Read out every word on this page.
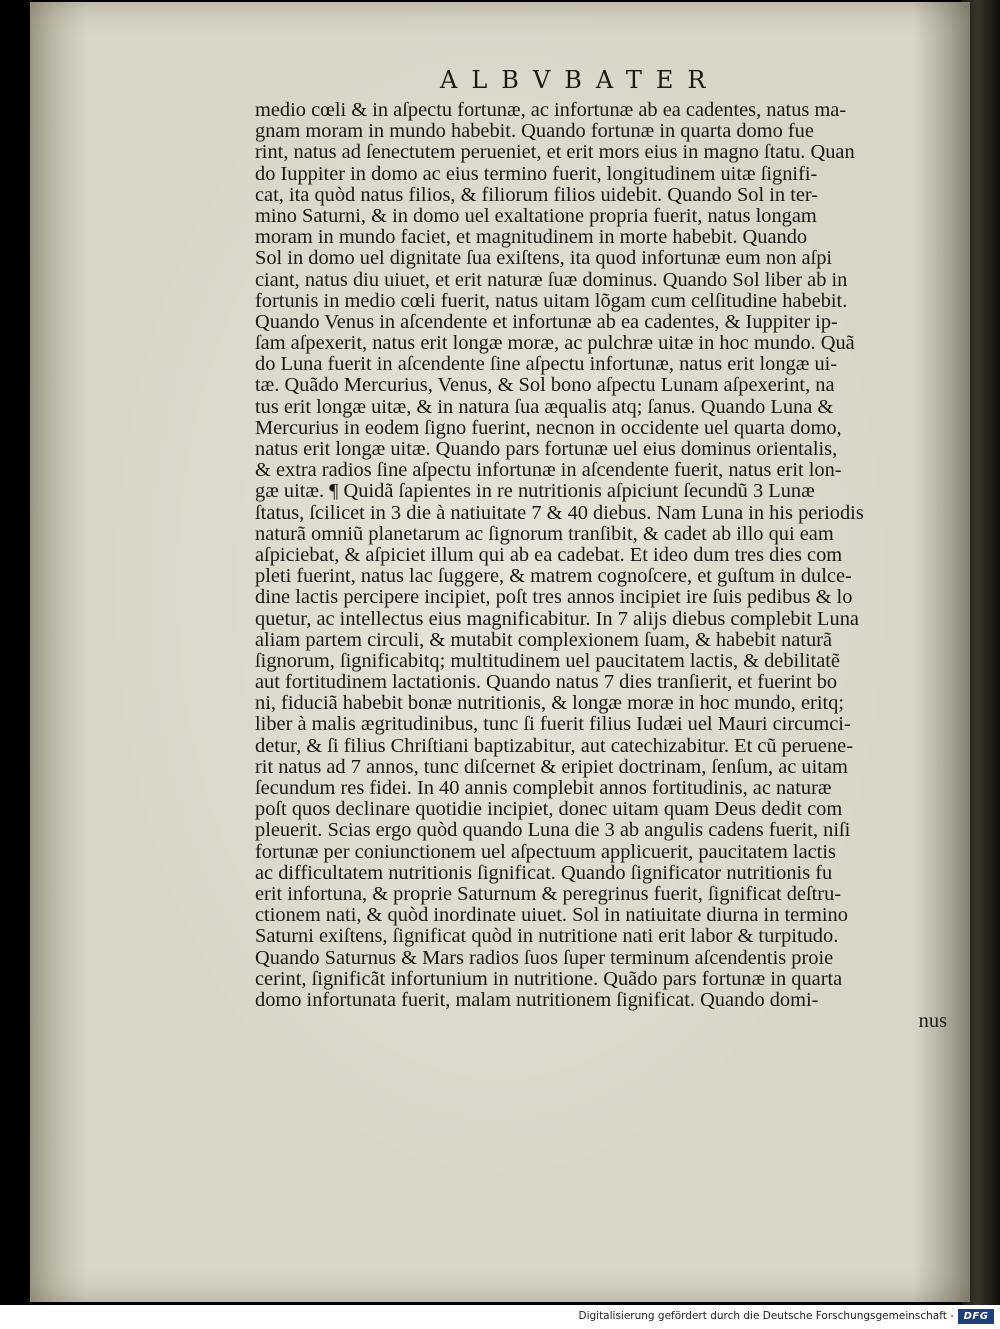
ALBVBATER
medio cœli & in aſpectu fortunæ, ac infortunæ ab ea cadentes, natus ma-
gnam moram in mundo habebit. Quando fortunæ in quarta domo fue
rint, natus ad ſenectutem perueniet, et erit mors eius in magno ſtatu. Quan
do Iuppiter in domo ac eius termino fuerit, longitudinem uitæ ſignifi-
cat, ita quòd natus filios, & filiorum filios uidebit. Quando Sol in ter-
mino Saturni, & in domo uel exaltatione propria fuerit, natus longam
moram in mundo faciet, et magnitudinem in morte habebit. Quando
Sol in domo uel dignitate ſua exiſtens, ita quod infortunæ eum non aſpi
ciant, natus diu uiuet, et erit naturæ ſuæ dominus. Quando Sol liber ab in
fortunis in medio cœli fuerit, natus uitam lõgam cum celſitudine habebit.
Quando Venus in aſcendente et infortunæ ab ea cadentes, & Iuppiter ip-
ſam aſpexerit, natus erit longæ moræ, ac pulchræ uitæ in hoc mundo. Quã
do Luna fuerit in aſcendente ſine aſpectu infortunæ, natus erit longæ ui-
tæ. Quãdo Mercurius, Venus, & Sol bono aſpectu Lunam aſpexerint, na
tus erit longæ uitæ, & in natura ſua æqualis atq; ſanus. Quando Luna &
Mercurius in eodem ſigno fuerint, necnon in occidente uel quarta domo,
natus erit longæ uitæ. Quando pars fortunæ uel eius dominus orientalis,
& extra radios ſine aſpectu infortunæ in aſcendente fuerit, natus erit lon-
gæ uitæ. ¶ Quidã ſapientes in re nutritionis aſpiciunt ſecundũ 3 Lunæ
ſtatus, ſcilicet in 3 die à natiuitate 7 & 40 diebus. Nam Luna in his periodis
naturã omniũ planetarum ac ſignorum tranſibit, & cadet ab illo qui eam
aſpiciebat, & aſpiciet illum qui ab ea cadebat. Et ideo dum tres dies com
pleti fuerint, natus lac ſuggere, & matrem cognoſcere, et guſtum in dulce-
dine lactis percipere incipiet, poſt tres annos incipiet ire ſuis pedibus & lo
quetur, ac intellectus eius magnificabitur. In 7 alijs diebus complebit Luna
aliam partem circuli, & mutabit complexionem ſuam, & habebit naturã
ſignorum, ſignificabitq; multitudinem uel paucitatem lactis, & debilitatẽ
aut fortitudinem lactationis. Quando natus 7 dies tranſierit, et fuerint bo
ni, fiduciã habebit bonæ nutritionis, & longæ moræ in hoc mundo, eritq;
liber à malis ægritudinibus, tunc ſi fuerit filius Iudæi uel Mauri circumci-
detur, & ſi filius Chriſtiani baptizabitur, aut catechizabitur. Et cũ peruene-
rit natus ad 7 annos, tunc diſcernet & eripiet doctrinam, ſenſum, ac uitam
ſecundum res fidei. In 40 annis complebit annos fortitudinis, ac naturæ
poſt quos declinare quotidie incipiet, donec uitam quam Deus dedit com
pleuerit. Scias ergo quòd quando Luna die 3 ab angulis cadens fuerit, niſi
fortunæ per coniunctionem uel aſpectuum applicuerit, paucitatem lactis
ac difficultatem nutritionis ſignificat. Quando ſignificator nutritionis fu
erit infortuna, & proprie Saturnum & peregrinus fuerit, ſignificat deſtru-
ctionem nati, & quòd inordinate uiuet. Sol in natiuitate diurna in termino
Saturni exiſtens, ſignificat quòd in nutritione nati erit labor & turpitudo.
Quando Saturnus & Mars radios ſuos ſuper terminum aſcendentis proie
cerint, ſignificãt infortunium in nutritione. Quãdo pars fortunæ in quarta
domo infortunata fuerit, malam nutritionem ſignificat. Quando domi-
nus
Digitalisierung gefördert durch die Deutsche Forschungsgemeinschaft - DFG
